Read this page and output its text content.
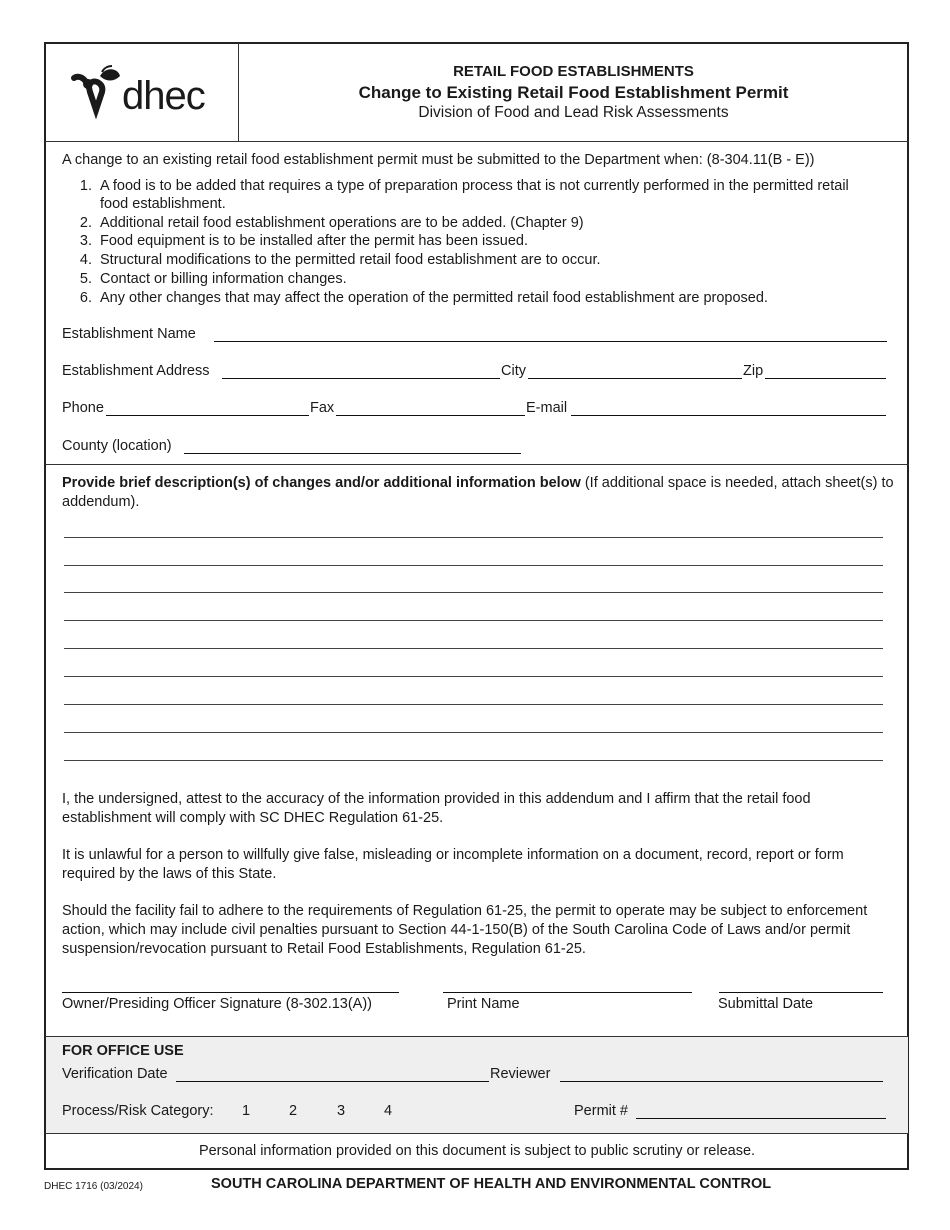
dhec
RETAIL FOOD ESTABLISHMENTS
Change to Existing Retail Food Establishment Permit
Division of Food and Lead Risk Assessments
A change to an existing retail food establishment permit must be submitted to the Department when: (8-304.11(B - E))
1. A food is to be added that requires a type of preparation process that is not currently performed in the permitted retail food establishment.
2. Additional retail food establishment operations are to be added. (Chapter 9)
3. Food equipment is to be installed after the permit has been issued.
4. Structural modifications to the permitted retail food establishment are to occur.
5. Contact or billing information changes.
6. Any other changes that may affect the operation of the permitted retail food establishment are proposed.
Establishment Name
Establishment Address	City	Zip
Phone	Fax	E-mail
County (location)
Provide brief description(s) of changes and/or additional information below (If additional space is needed, attach sheet(s) to addendum).
I, the undersigned, attest to the accuracy of the information provided in this addendum and I affirm that the retail food establishment will comply with SC DHEC Regulation 61-25.
It is unlawful for a person to willfully give false, misleading or incomplete information on a document, record, report or form required by the laws of this State.
Should the facility fail to adhere to the requirements of Regulation 61-25, the permit to operate may be subject to enforcement action, which may include civil penalties pursuant to Section 44-1-150(B) of the South Carolina Code of Laws and/or permit suspension/revocation pursuant to Retail Food Establishments, Regulation 61-25.
Owner/Presiding Officer Signature (8-302.13(A))	Print Name	Submittal Date
FOR OFFICE USE
Verification Date	Reviewer
Process/Risk Category: 1	2	3	4	Permit #
Personal information provided on this document is subject to public scrutiny or release.
DHEC 1716 (03/2024)	SOUTH CAROLINA DEPARTMENT OF HEALTH AND ENVIRONMENTAL CONTROL
